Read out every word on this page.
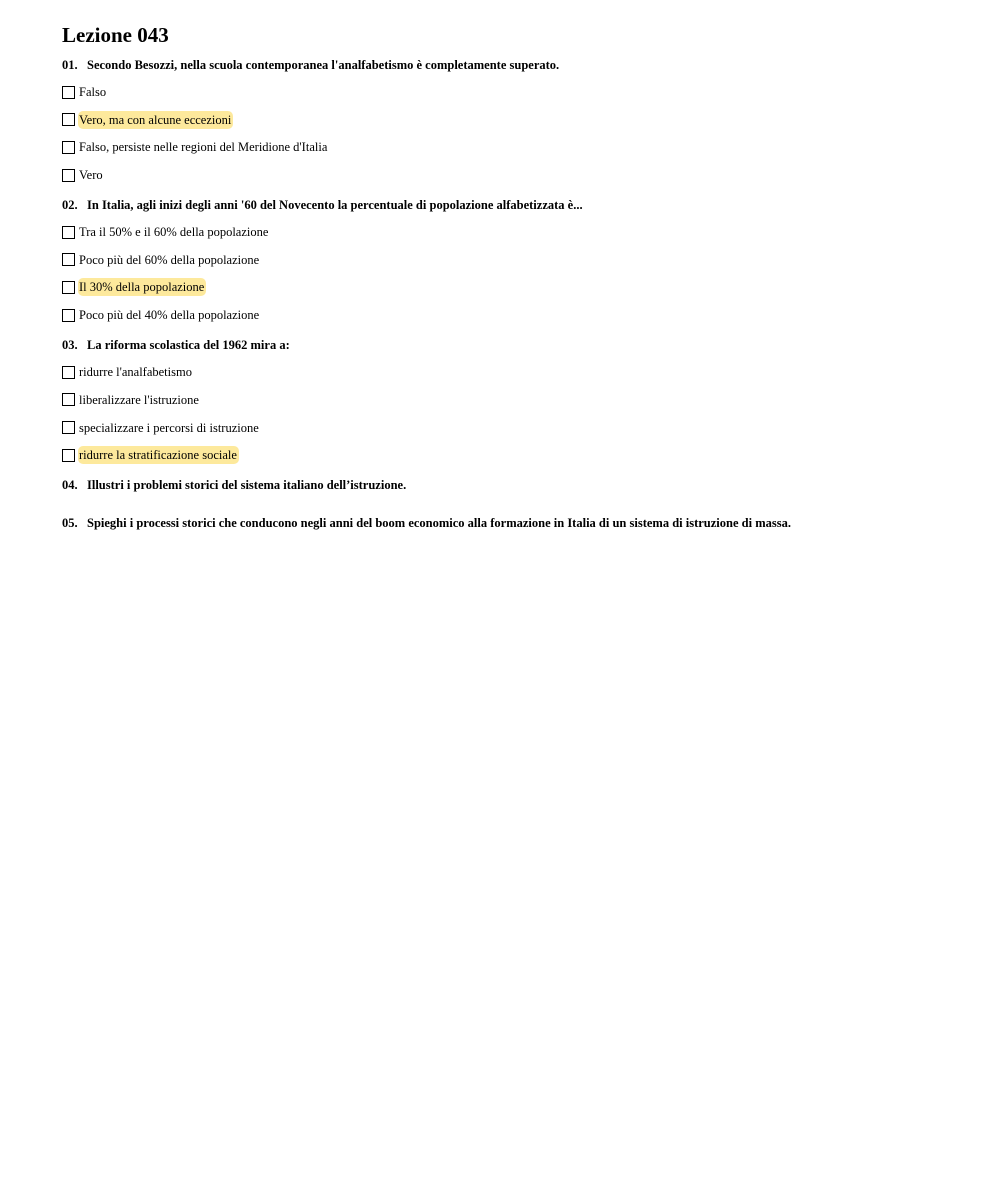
Lezione 043
01. Secondo Besozzi, nella scuola contemporanea l'analfabetismo è completamente superato.
Falso
Vero, ma con alcune eccezioni
Falso, persiste nelle regioni del Meridione d'Italia
Vero
02. In Italia, agli inizi degli anni '60 del Novecento la percentuale di popolazione alfabetizzata è...
Tra il 50% e il 60% della popolazione
Poco più del 60% della popolazione
Il 30% della popolazione
Poco più del 40% della popolazione
03. La riforma scolastica del 1962 mira a:
ridurre l'analfabetismo
liberalizzare l'istruzione
specializzare i percorsi di istruzione
ridurre la stratificazione sociale
04. Illustri i problemi storici del sistema italiano dell’istruzione.
05. Spieghi i processi storici che conducono negli anni del boom economico alla formazione in Italia di un sistema di istruzione di massa.
